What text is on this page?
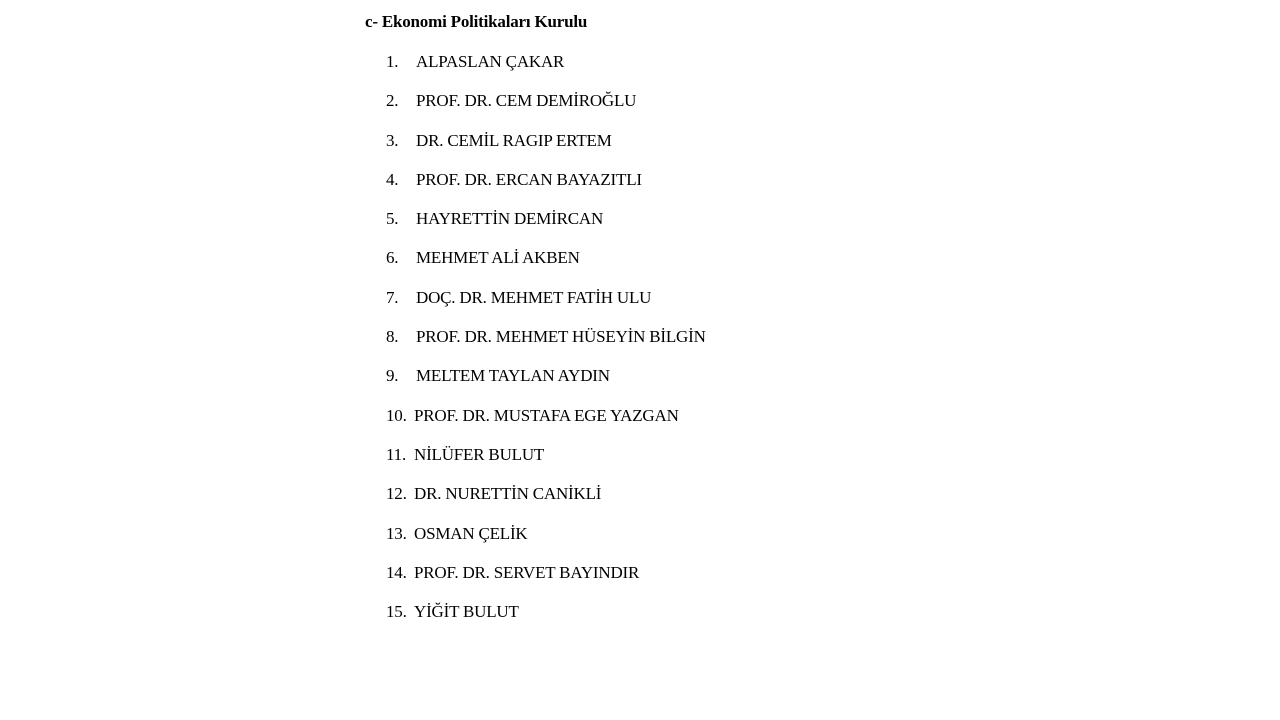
c- Ekonomi Politikaları Kurulu
1. ALPASLAN ÇAKAR
2. PROF. DR. CEM DEMİROĞLU
3. DR. CEMİL RAGIP ERTEM
4. PROF. DR. ERCAN BAYAZITLI
5. HAYRETTİN DEMİRCAN
6. MEHMET ALİ AKBEN
7. DOÇ. DR. MEHMET FATİH ULU
8. PROF. DR. MEHMET HÜSEYİN BİLGİN
9. MELTEM TAYLAN AYDIN
10. PROF. DR. MUSTAFA EGE YAZGAN
11. NİLÜFER BULUT
12. DR. NURETTİN CANİKLİ
13. OSMAN ÇELİK
14. PROF. DR. SERVET BAYINDIR
15. YİĞİT BULUT
